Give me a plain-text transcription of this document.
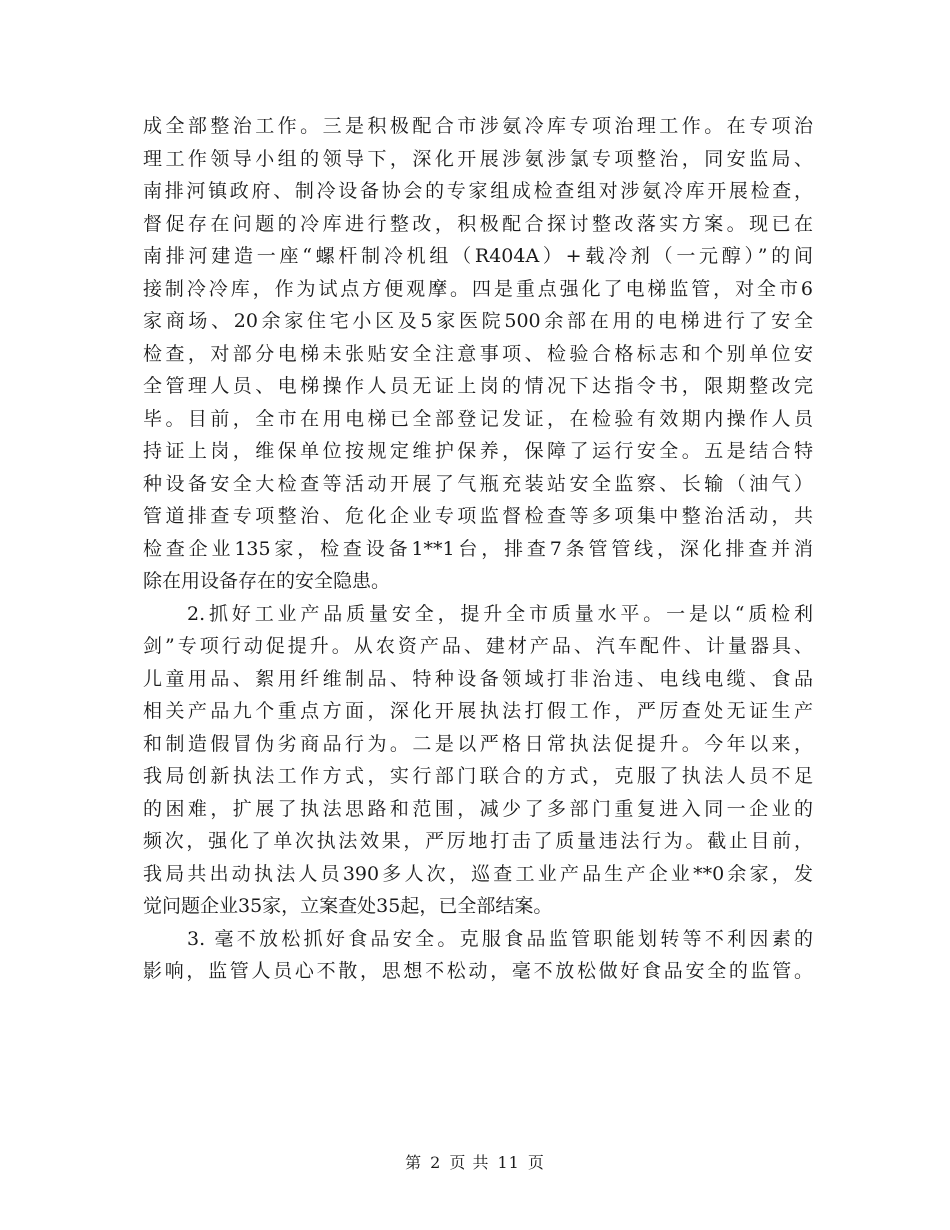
成全部整治工作。三是积极配合市涉氨冷库专项治理工作。在专项治
理工作领导小组的领导下，深化开展涉氨涉氯专项整治，同安监局、
南排河镇政府、制冷设备协会的专家组成检查组对涉氨冷库开展检查，
督促存在问题的冷库进行整改，积极配合探讨整改落实方案。现已在
南排河建造一座“螺杆制冷机组（R404A）+载冷剂（一元醇）”的间
接制冷冷库，作为试点方便观摩。四是重点强化了电梯监管，对全市6
家商场、20余家住宅小区及5家医院500余部在用的电梯进行了安全
检查，对部分电梯未张贴安全注意事项、检验合格标志和个别单位安
全管理人员、电梯操作人员无证上岗的情况下达指令书，限期整改完
毕。目前，全市在用电梯已全部登记发证，在检验有效期内操作人员
持证上岗，维保单位按规定维护保养，保障了运行安全。五是结合特
种设备安全大检查等活动开展了气瓶充装站安全监察、长输（油气）
管道排查专项整治、危化企业专项监督检查等多项集中整治活动，共
检查企业135家，检查设备1**1台，排查7条管管线，深化排查并消
除在用设备存在的安全隐患。
2.抓好工业产品质量安全，提升全市质量水平。一是以“质检利
剑”专项行动促提升。从农资产品、建材产品、汽车配件、计量器具、
儿童用品、絮用纤维制品、特种设备领域打非治违、电线电缆、食品
相关产品九个重点方面，深化开展执法打假工作，严厉查处无证生产
和制造假冒伪劣商品行为。二是以严格日常执法促提升。今年以来，
我局创新执法工作方式，实行部门联合的方式，克服了执法人员不足
的困难，扩展了执法思路和范围，减少了多部门重复进入同一企业的
频次，强化了单次执法效果，严厉地打击了质量违法行为。截止目前，
我局共出动执法人员390多人次，巡查工业产品生产企业**0余家，发
觉问题企业35家，立案查处35起，已全部结案。
3. 毫不放松抓好食品安全。克服食品监管职能划转等不利因素的
影响，监管人员心不散，思想不松动，毫不放松做好食品安全的监管。
第 2 页 共 11 页
